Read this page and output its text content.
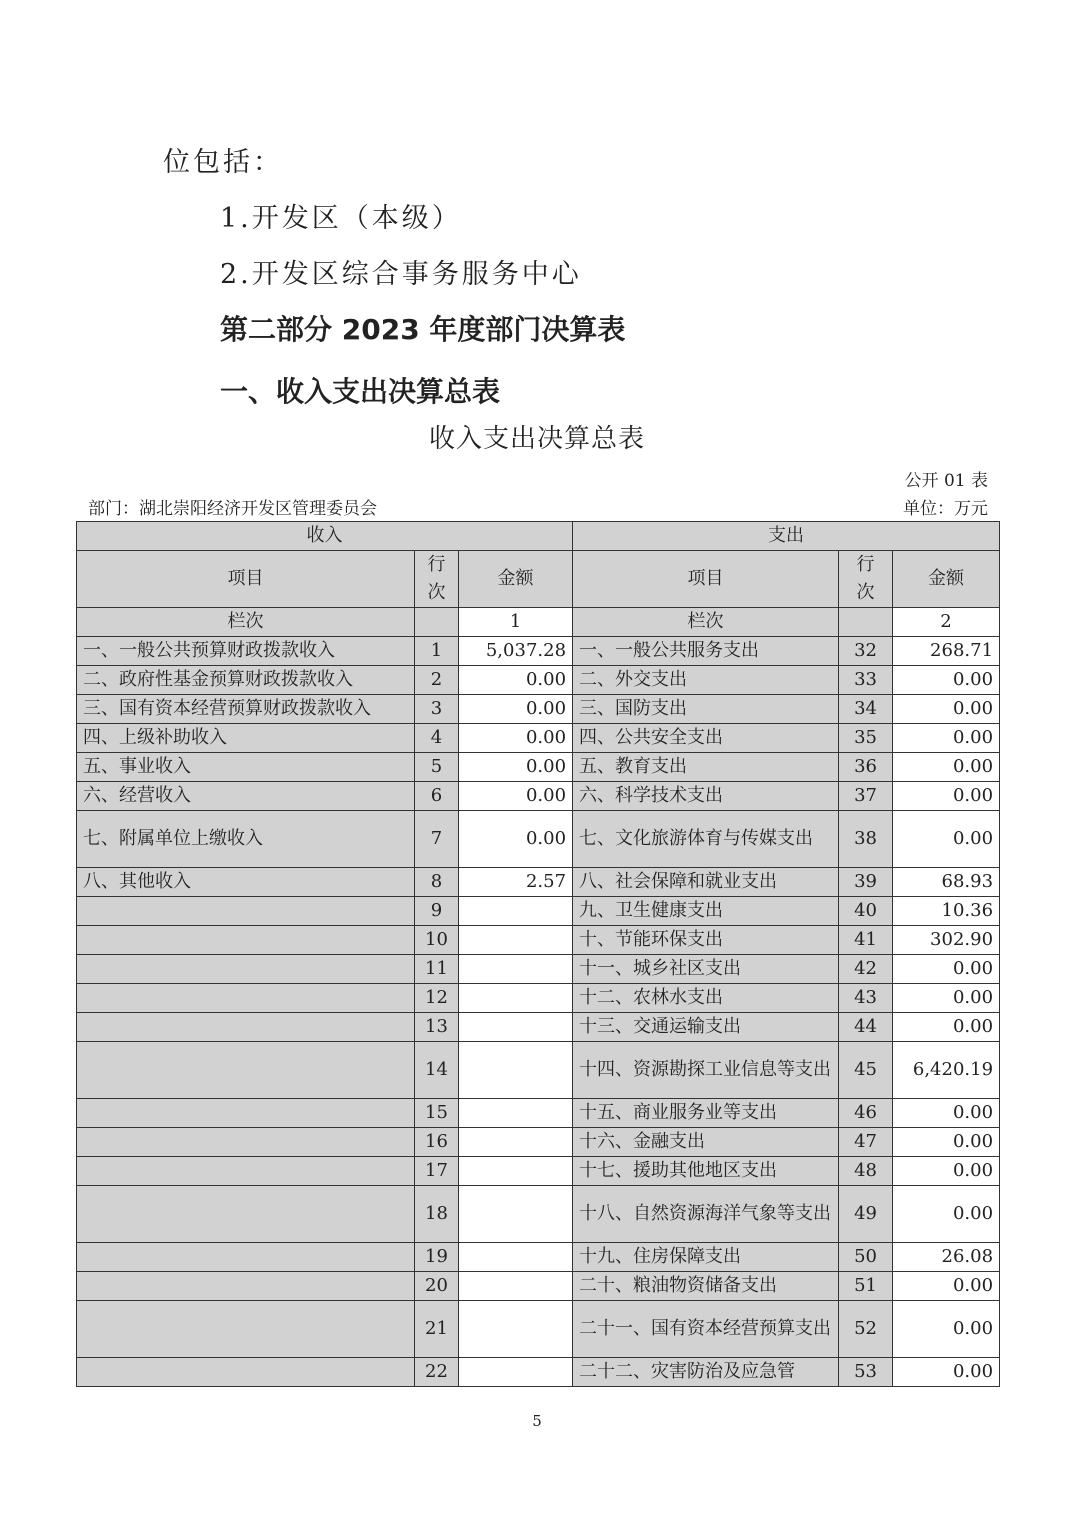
位包括：
1.开发区（本级）
2.开发区综合事务服务中心
第二部分 2023 年度部门决算表
一、收入支出决算总表
收入支出决算总表
公开 01 表
部门：湖北崇阳经济开发区管理委员会	单位：万元
收入			支出		
项目	行次	金额	项目	行次	金额
栏次		1	栏次		2
一、一般公共预算财政拨款收入	1	5,037.28	一、一般公共服务支出	32	268.71
二、政府性基金预算财政拨款收入	2	0.00	二、外交支出	33	0.00
三、国有资本经营预算财政拨款收入	3	0.00	三、国防支出	34	0.00
四、上级补助收入	4	0.00	四、公共安全支出	35	0.00
五、事业收入	5	0.00	五、教育支出	36	0.00
六、经营收入	6	0.00	六、科学技术支出	37	0.00
七、附属单位上缴收入	7	0.00	七、文化旅游体育与传媒支出	38	0.00
八、其他收入	8	2.57	八、社会保障和就业支出	39	68.93
	9		九、卫生健康支出	40	10.36
	10		十、节能环保支出	41	302.90
	11		十一、城乡社区支出	42	0.00
	12		十二、农林水支出	43	0.00
	13		十三、交通运输支出	44	0.00
	14		十四、资源勘探工业信息等支出	45	6,420.19
	15		十五、商业服务业等支出	46	0.00
	16		十六、金融支出	47	0.00
	17		十七、援助其他地区支出	48	0.00
	18		十八、自然资源海洋气象等支出	49	0.00
	19		十九、住房保障支出	50	26.08
	20		二十、粮油物资储备支出	51	0.00
	21		二十一、国有资本经营预算支出	52	0.00
	22		二十二、灾害防治及应急管	53	0.00
5
